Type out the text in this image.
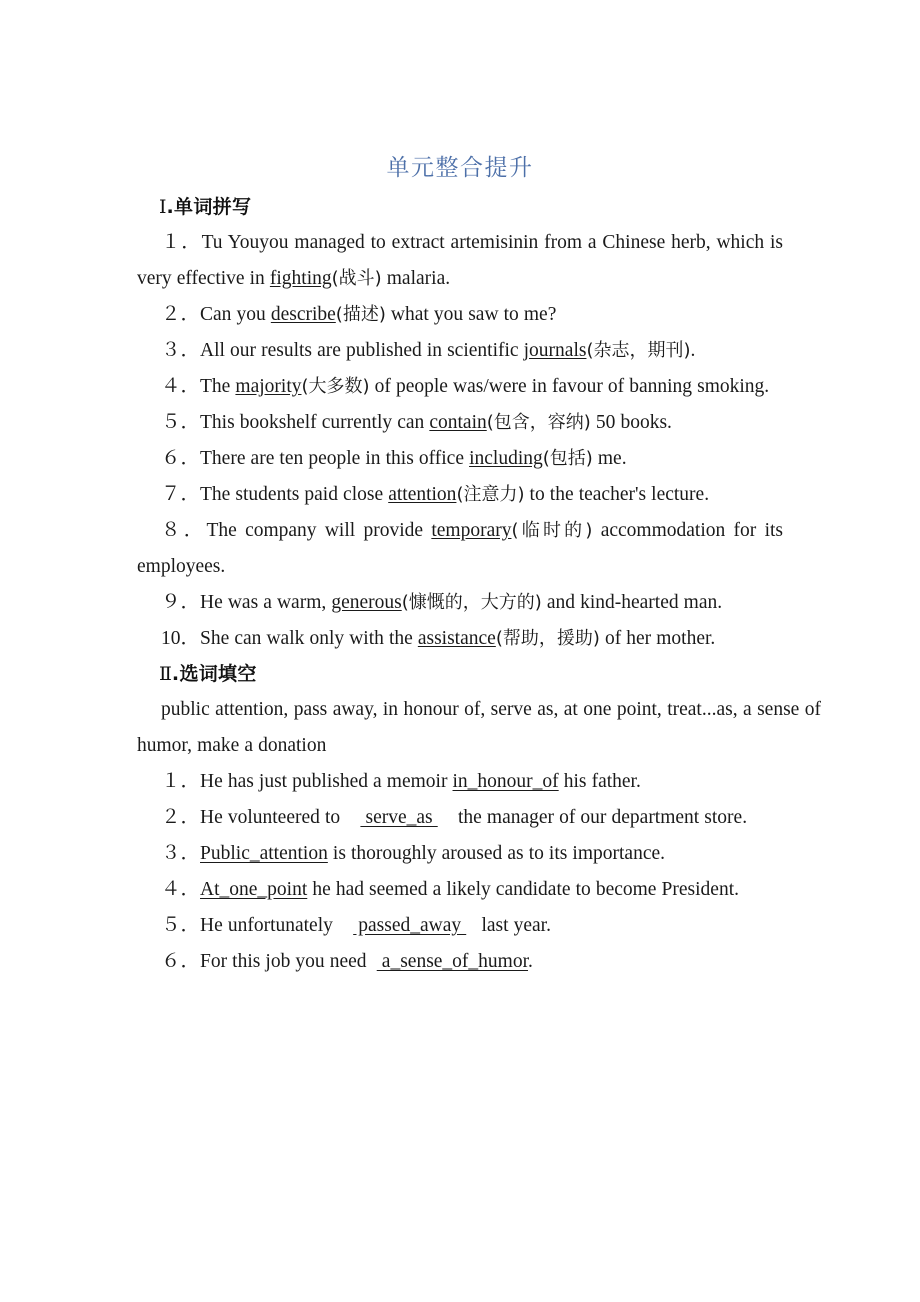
单元整合提升
Ⅰ.单词拼写

１．Tu Youyou managed to extract artemisinin from a Chinese herb, which is very effective in fighting(战斗) malaria.

２．Can you describe(描述) what you saw to me?

３．All our results are published in scientific journals(杂志，期刊).

４．The majority(大多数) of people was/were in favour of banning smoking.

５．This bookshelf currently can contain(包含，容纳) 50 books.

６．There are ten people in this office including(包括) me.

７．The students paid close attention(注意力) to the teacher's lecture.

８．The company will provide temporary(临时的) accommodation for its employees.

９．He was a warm, generous(慷慨的，大方的) and kind-hearted man.

10．She can walk only with the assistance(帮助，援助) of her mother.

Ⅱ.选词填空

public attention, pass away, in honour of, serve as, at one point, treat...as, a sense of humor, make a donation

１．He has just published a memoir in_honour_of his father.

２．He volunteered to     serve_as     the manager of our department store.

３．Public_attention is thoroughly aroused as to its importance.

４．At_one_point he had seemed a likely candidate to become President.

５．He unfortunately     passed_away    last year.

６．For this job you need   a_sense_of_humor.
